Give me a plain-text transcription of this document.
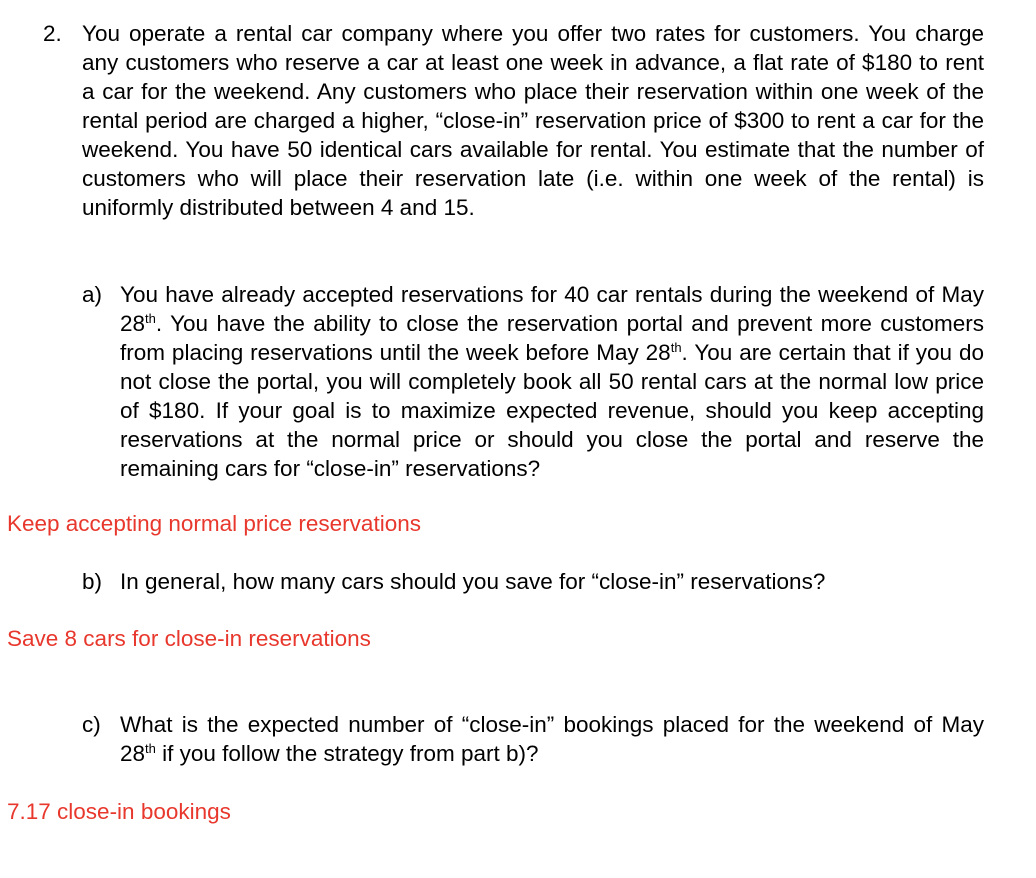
2. You operate a rental car company where you offer two rates for customers. You charge any customers who reserve a car at least one week in advance, a flat rate of $180 to rent a car for the weekend. Any customers who place their reservation within one week of the rental period are charged a higher, “close-in” reservation price of $300 to rent a car for the weekend. You have 50 identical cars available for rental. You estimate that the number of customers who will place their reservation late (i.e. within one week of the rental) is uniformly distributed between 4 and 15.

a) You have already accepted reservations for 40 car rentals during the weekend of May 28th. You have the ability to close the reservation portal and prevent more customers from placing reservations until the week before May 28th. You are certain that if you do not close the portal, you will completely book all 50 rental cars at the normal low price of $180. If your goal is to maximize expected revenue, should you keep accepting reservations at the normal price or should you close the portal and reserve the remaining cars for “close-in” reservations?

Keep accepting normal price reservations

b) In general, how many cars should you save for “close-in” reservations?

Save 8 cars for close-in reservations

c) What is the expected number of “close-in” bookings placed for the weekend of May 28th if you follow the strategy from part b)?

7.17 close-in bookings
